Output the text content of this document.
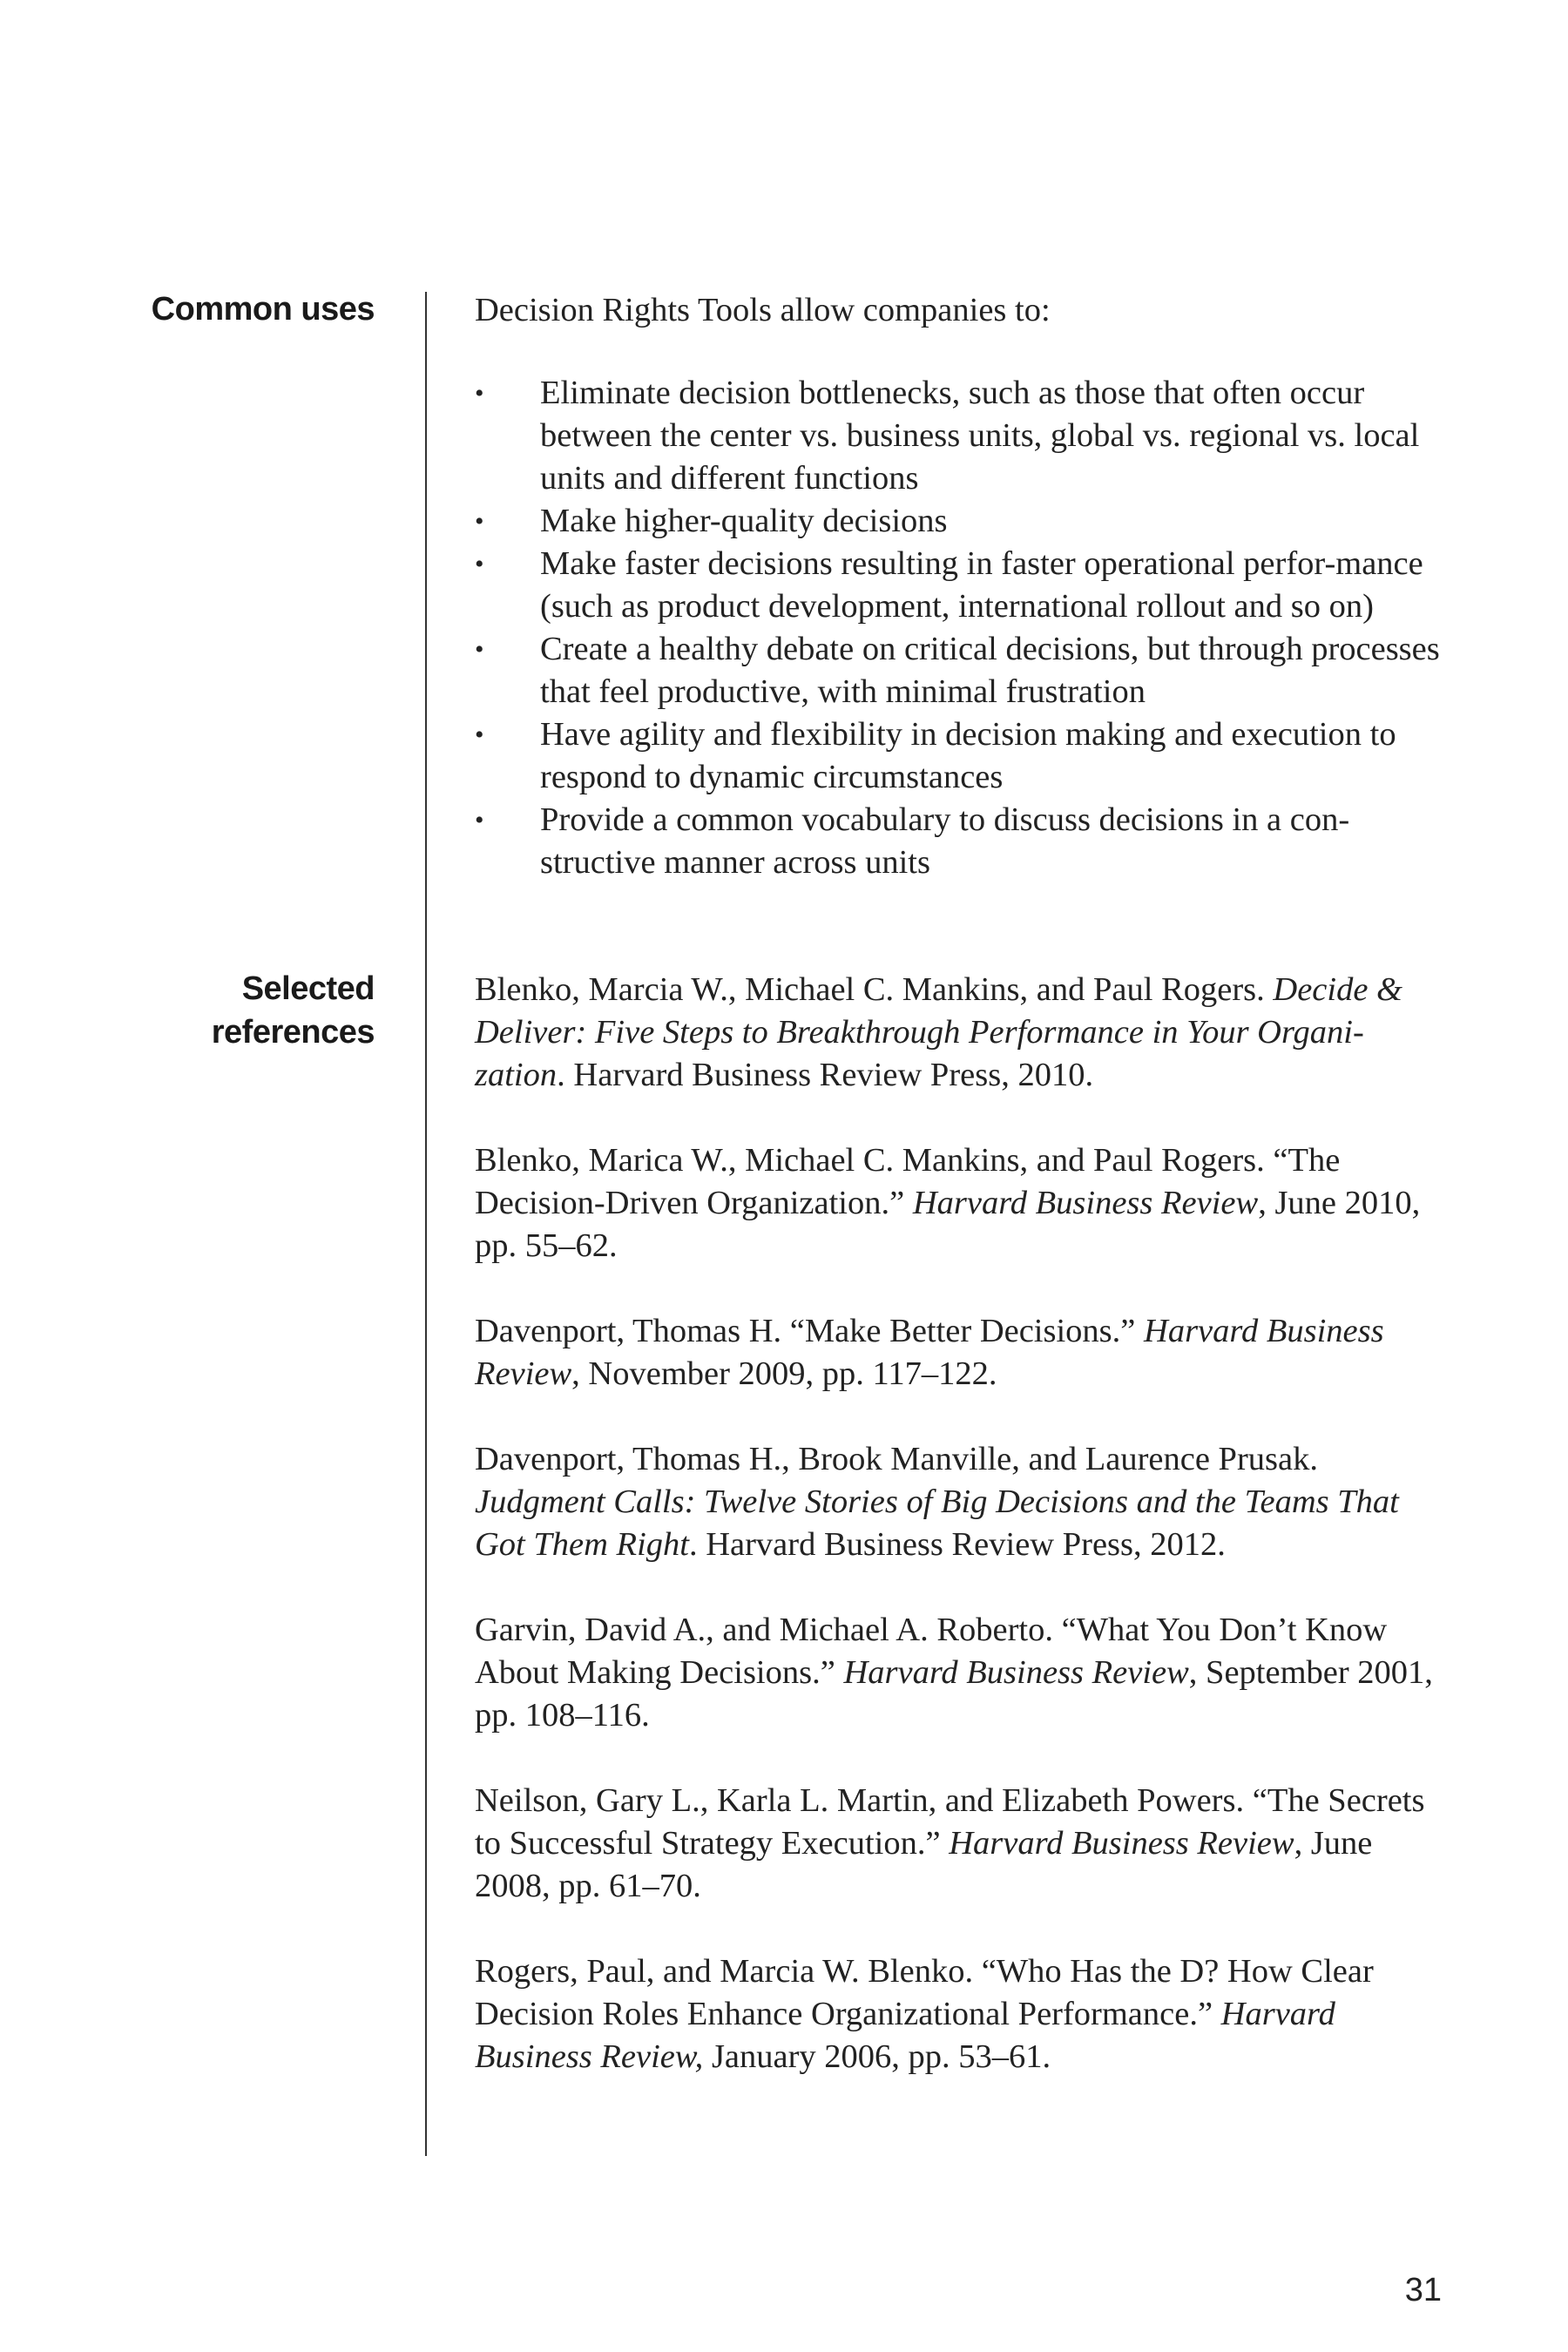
Common uses
Selected
references

Decision Rights Tools allow companies to:

• Eliminate decision bottlenecks, such as those that often occur between the center vs. business units, global vs. regional vs. local units and different functions
• Make higher-quality decisions
• Make faster decisions resulting in faster operational perfor-mance (such as product development, international rollout and so on)
• Create a healthy debate on critical decisions, but through processes that feel productive, with minimal frustration
• Have agility and flexibility in decision making and execution to respond to dynamic circumstances
• Provide a common vocabulary to discuss decisions in a con-structive manner across units

Blenko, Marcia W., Michael C. Mankins, and Paul Rogers. Decide & Deliver: Five Steps to Breakthrough Performance in Your Organi-zation. Harvard Business Review Press, 2010.

Blenko, Marica W., Michael C. Mankins, and Paul Rogers. “The Decision-Driven Organization.” Harvard Business Review, June 2010, pp. 55–62.

Davenport, Thomas H. “Make Better Decisions.” Harvard Business Review, November 2009, pp. 117–122.

Davenport, Thomas H., Brook Manville, and Laurence Prusak. Judgment Calls: Twelve Stories of Big Decisions and the Teams That Got Them Right. Harvard Business Review Press, 2012.

Garvin, David A., and Michael A. Roberto. “What You Don’t Know About Making Decisions.” Harvard Business Review, September 2001, pp. 108–116.

Neilson, Gary L., Karla L. Martin, and Elizabeth Powers. “The Secrets to Successful Strategy Execution.” Harvard Business Review, June 2008, pp. 61–70.

Rogers, Paul, and Marcia W. Blenko. “Who Has the D? How Clear Decision Roles Enhance Organizational Performance.” Harvard Business Review, January 2006, pp. 53–61.

31
